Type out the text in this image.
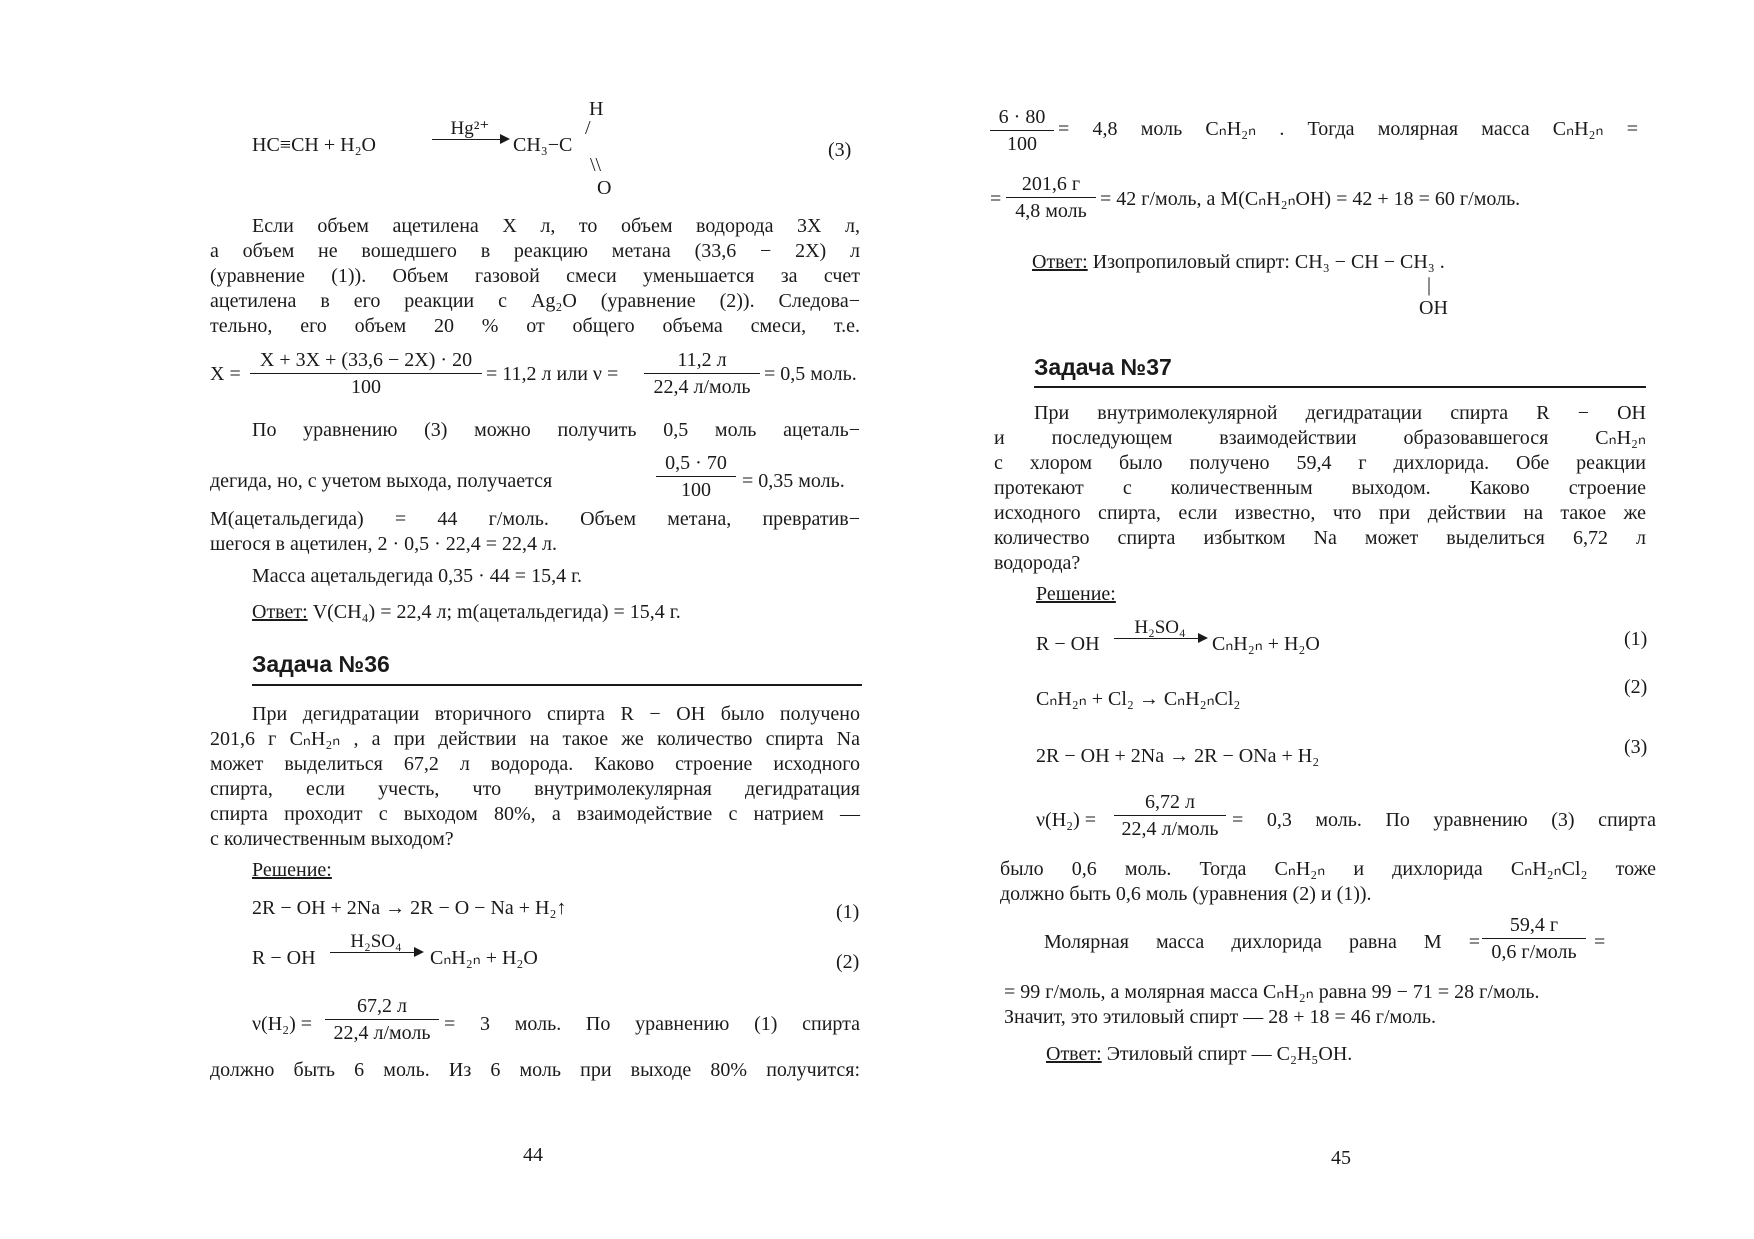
HC≡CH + H₂O
Hg²⁺
CH₃−C
H
/
\\
O
(3)
Если объем ацетилена X л, то объем водорода 3X л,
а объем не вошедшего в реакцию метана (33,6 − 2X) л
(уравнение (1)). Объем газовой смеси уменьшается за счет
ацетилена в его реакции с Ag₂O (уравнение (2)). Следова−
тельно, его объем 20 % от общего объема смеси, т.е.
$X = \frac{X + 3X + (33,6 - 2X) \cdot 20}{100} = 11,2$ л или ν =
11,2 л
22,4 л/моль
= 0,5 моль.
По уравнению (3) можно получить 0,5 моль ацеталь−
дегида, но, с учетом выхода, получается	$\frac{0,5 \cdot 70}{100} = 0,35$ моль.
M(ацетальдегида) = 44 г/моль. Объем метана, превратив−
шегося в ацетилен, 2 · 0,5 · 22,4 = 22,4 л.
Масса ацетальдегида 0,35 · 44 = 15,4 г.
Ответ: V(CH₄) = 22,4 л; m(ацетальдегида) = 15,4 г.
Задача №36
При дегидратации вторичного спирта R − OH было получено
201,6 г CₙH₂ₙ , а при действии на такое же количество спирта Na
может выделиться 67,2 л водорода. Каково строение исходного
спирта, если учесть, что внутримолекулярная дегидратация
спирта проходит с выходом 80%, а взаимодействие с натрием —
с количественным выходом?
Решение:
2R − OH + 2Na → 2R − O − Na + H₂↑	(1)
R − OH
H₂SO₄
CₙH₂ₙ + H₂O	(2)
ν(H₂) =
67,2 л
22,4 л/моль = 3 моль. По уравнению (1) спирта
должно быть 6 моль. Из 6 моль при выходе 80% получится:
44
$\frac{6 \cdot 80}{100} = 4,8$ моль CₙH₂ₙ . Тогда молярная масса CₙH₂ₙ =
=
201,6 г
4,8 моль
= 42 г/моль, а M(CₙH₂ₙOH) = 42 + 18 = 60 г/моль.
Ответ: Изопропиловый спирт: CH₃ − CH − CH₃ .
|
OH
Задача №37
При внутримолекулярной дегидратации спирта R − OH
и последующем взаимодействии образовавшегося CₙH₂ₙ
с хлором было получено 59,4 г дихлорида. Обе реакции
протекают с количественным выходом. Каково строение
исходного спирта, если известно, что при действии на такое же
количество спирта избытком Na может выделиться 6,72 л
водорода?
Решение:
R − OH
H₂SO₄
CₙH₂ₙ + H₂O	(1)
CₙH₂ₙ + Cl₂ → CₙH₂ₙCl₂
(2)
2R − OH + 2Na → 2R − ONa + H₂	(3)
ν(H₂) =
6,72 л
22,4 л/моль = 0,3 моль. По уравнению (3) спирта
было 0,6 моль. Тогда CₙH₂ₙ и дихлорида CₙH₂ₙCl₂ тоже
должно быть 0,6 моль (уравнения (2) и (1)).
Молярная масса дихлорида равна M =
59,4 г
0,6 г/моль =
= 99 г/моль, а молярная масса CₙH₂ₙ равна 99 − 71 = 28 г/моль.
Значит, это этиловый спирт — 28 + 18 = 46 г/моль.
Ответ: Этиловый спирт — C₂H₅OH.
45
